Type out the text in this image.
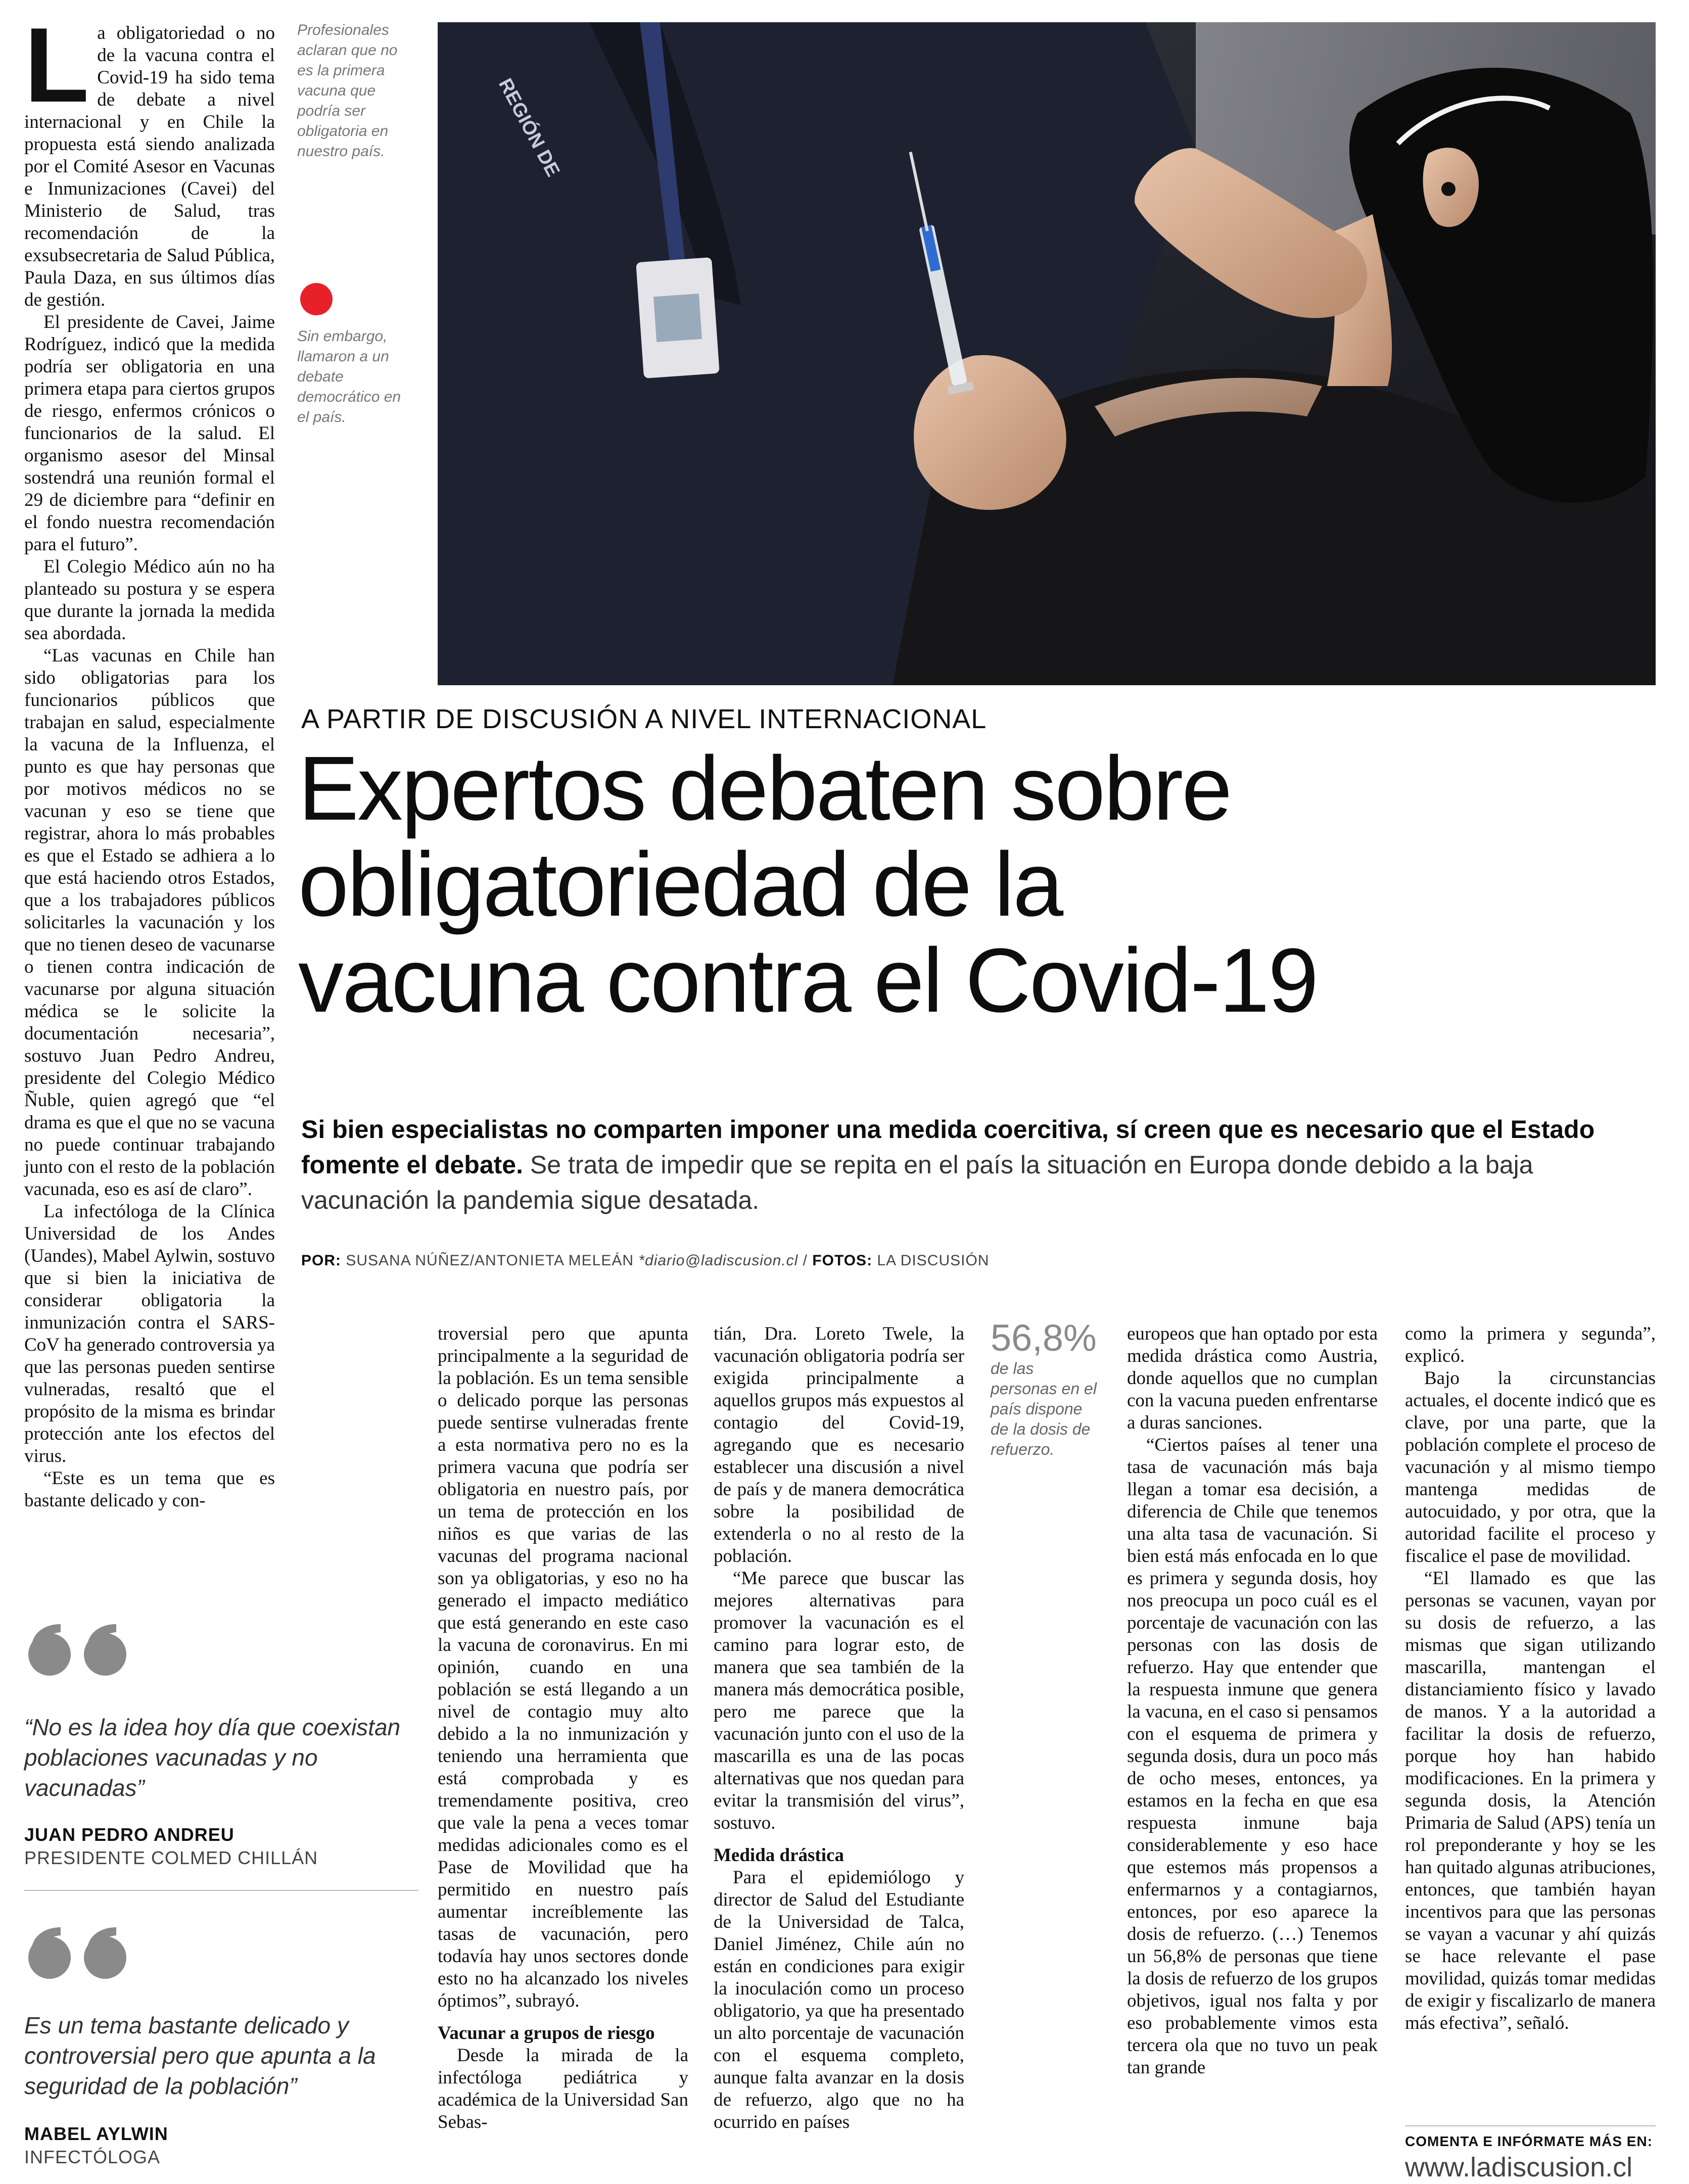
La obligatoriedad o no de la vacuna contra el Covid-19 ha sido tema de debate a nivel internacional y en Chile la propuesta está siendo analizada por el Comité Asesor en Vacunas e Inmunizaciones (Cavei) del Ministerio de Salud, tras recomendación de la exsubsecretaria de Salud Pública, Paula Daza, en sus últimos días de gestión.

El presidente de Cavei, Jaime Rodríguez, indicó que la medida podría ser obligatoria en una primera etapa para ciertos grupos de riesgo, enfermos crónicos o funcionarios de la salud. El organismo asesor del Minsal sostendrá una reunión formal el 29 de diciembre para “definir en el fondo nuestra recomendación para el futuro”.

El Colegio Médico aún no ha planteado su postura y se espera que durante la jornada la medida sea abordada.

“Las vacunas en Chile han sido obligatorias para los funcionarios públicos que trabajan en salud, especialmente la vacuna de la Influenza, el punto es que hay personas que por motivos médicos no se vacunan y eso se tiene que registrar, ahora lo más probables es que el Estado se adhiera a lo que está haciendo otros Estados, que a los trabajadores públicos solicitarles la vacunación y los que no tienen deseo de vacunarse o tienen contra indicación de vacunarse por alguna situación médica se le solicite la documentación necesaria”, sostuvo Juan Pedro Andreu, presidente del Colegio Médico Ñuble, quien agregó que “el drama es que el que no se vacuna no puede continuar trabajando junto con el resto de la población vacunada, eso es así de claro”.

La infectóloga de la Clínica Universidad de los Andes (Uandes), Mabel Aylwin, sostuvo que si bien la iniciativa de considerar obligatoria la inmunización contra el SARS-CoV ha generado controversia ya que las personas pueden sentirse vulneradas, resaltó que el propósito de la misma es brindar protección ante los efectos del virus.

“Este es un tema que es bastante delicado y con-

Profesionales aclaran que no es la primera vacuna que podría ser obligatoria en nuestro país.
Sin embargo, llamaron a un debate democrático en el país.
REGIÓN DE
A PARTIR DE DISCUSIÓN A NIVEL INTERNACIONAL
Expertos debaten sobre
obligatoriedad de la
vacuna contra el Covid-19
Si bien especialistas no comparten imponer una medida coercitiva, sí creen que es necesario que el Estado fomente el debate. Se trata de impedir que se repita en el país la situación en Europa donde debido a la baja vacunación la pandemia sigue desatada.
POR: SUSANA NÚÑEZ/ANTONIETA MELEÁN *diario@ladiscusion.cl / FOTOS: LA DISCUSIÓN
“No es la idea hoy día que coexistan poblaciones vacunadas y no vacunadas”
JUAN PEDRO ANDREU
PRESIDENTE COLMED CHILLÁN
Es un tema bastante delicado y controversial pero que apunta a la seguridad de la población”
MABEL AYLWIN
INFECTÓLOGA

troversial pero que apunta principalmente a la seguridad de la población. Es un tema sensible o delicado porque las personas puede sentirse vulneradas frente a esta normativa pero no es la primera vacuna que podría ser obligatoria en nuestro país, por un tema de protección en los niños es que varias de las vacunas del programa nacional son ya obligatorias, y eso no ha generado el impacto mediático que está generando en este caso la vacuna de coronavirus. En mi opinión, cuando en una población se está llegando a un nivel de contagio muy alto debido a la no inmunización y teniendo una herramienta que está comprobada y es tremendamente positiva, creo que vale la pena a veces tomar medidas adicionales como es el Pase de Movilidad que ha permitido en nuestro país aumentar increíblemente las tasas de vacunación, pero todavía hay unos sectores donde esto no ha alcanzado los niveles óptimos”, subrayó.

Vacunar a grupos de riesgo

Desde la mirada de la infectóloga pediátrica y académica de la Universidad San Sebas-

tián, Dra. Loreto Twele, la vacunación obligatoria podría ser exigida principalmente a aquellos grupos más expuestos al contagio del Covid-19, agregando que es necesario establecer una discusión a nivel de país y de manera democrática sobre la posibilidad de extenderla o no al resto de la población.

“Me parece que buscar las mejores alternativas para promover la vacunación es el camino para lograr esto, de manera que sea también de la manera más democrática posible, pero me parece que la vacunación junto con el uso de la mascarilla es una de las pocas alternativas que nos quedan para evitar la transmisión del virus”, sostuvo.

Medida drástica

Para el epidemiólogo y director de Salud del Estudiante de la Universidad de Talca, Daniel Jiménez, Chile aún no están en condiciones para exigir la inoculación como un proceso obligatorio, ya que ha presentado un alto porcentaje de vacunación con el esquema completo, aunque falta avanzar en la dosis de refuerzo, algo que no ha ocurrido en países

56,8%
de las personas en el país dispone de la dosis de refuerzo.

europeos que han optado por esta medida drástica como Austria, donde aquellos que no cumplan con la vacuna pueden enfrentarse a duras sanciones.

“Ciertos países al tener una tasa de vacunación más baja llegan a tomar esa decisión, a diferencia de Chile que tenemos una alta tasa de vacunación. Si bien está más enfocada en lo que es primera y segunda dosis, hoy nos preocupa un poco cuál es el porcentaje de vacunación con las personas con las dosis de refuerzo. Hay que entender que la respuesta inmune que genera la vacuna, en el caso si pensamos con el esquema de primera y segunda dosis, dura un poco más de ocho meses, entonces, ya estamos en la fecha en que esa respuesta inmune baja considerablemente y eso hace que estemos más propensos a enfermarnos y a contagiarnos, entonces, por eso aparece la dosis de refuerzo. (…) Tenemos un 56,8% de personas que tiene la dosis de refuerzo de los grupos objetivos, igual nos falta y por eso probablemente vimos esta tercera ola que no tuvo un peak tan grande

como la primera y segunda”, explicó.

Bajo la circunstancias actuales, el docente indicó que es clave, por una parte, que la población complete el proceso de vacunación y al mismo tiempo mantenga medidas de autocuidado, y por otra, que la autoridad facilite el proceso y fiscalice el pase de movilidad.

“El llamado es que las personas se vacunen, vayan por su dosis de refuerzo, a las mismas que sigan utilizando mascarilla, mantengan el distanciamiento físico y lavado de manos. Y a la autoridad a facilitar la dosis de refuerzo, porque hoy han habido modificaciones. En la primera y segunda dosis, la Atención Primaria de Salud (APS) tenía un rol preponderante y hoy se les han quitado algunas atribuciones, entonces, que también hayan incentivos para que las personas se vayan a vacunar y ahí quizás se hace relevante el pase movilidad, quizás tomar medidas de exigir y fiscalizarlo de manera más efectiva”, señaló.

COMENTA E INFÓRMATE MÁS EN:
www.ladiscusion.cl
